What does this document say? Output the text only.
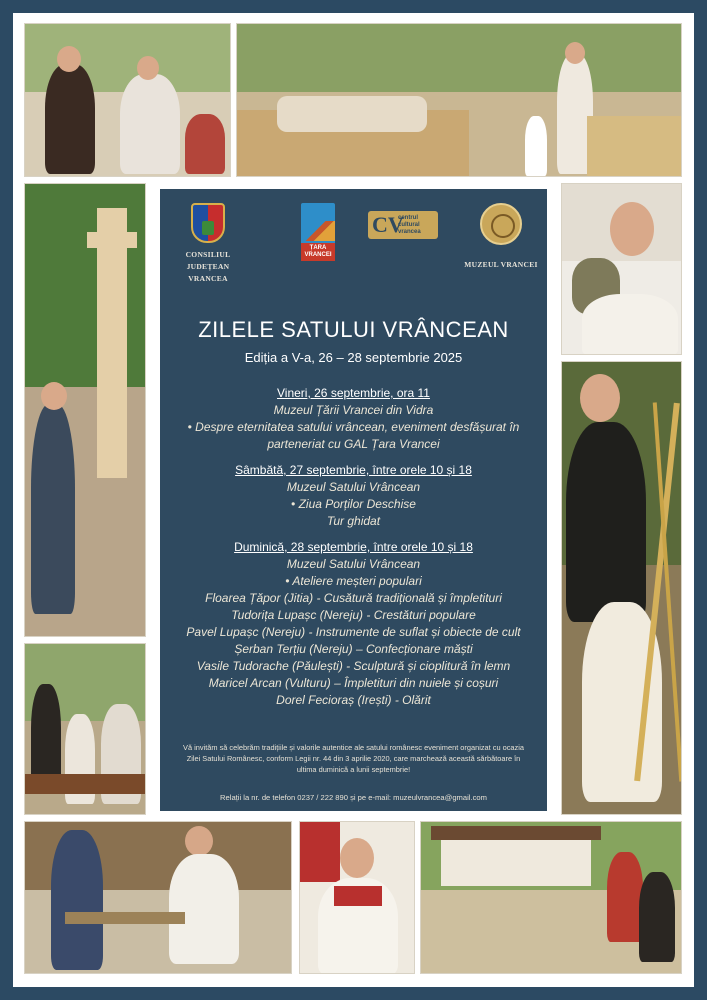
CONSILIUL JUDEȚEAN
VRANCEA
ȚARA
VRANCEI
CV
centrul
cultural
vrancea
MUZEUL VRANCEI
ZILELE SATULUI VRÂNCEAN
Ediția a V-a, 26 – 28 septembrie 2025
Vineri, 26 septembrie, ora 11
Muzeul Țării Vrancei din Vidra
• Despre eternitatea satului vrâncean, eveniment desfășurat în
parteneriat cu GAL Țara Vrancei
Sâmbătă, 27 septembrie, între orele 10 și 18
Muzeul Satului Vrâncean
• Ziua Porților Deschise
Tur ghidat
Duminică, 28 septembrie, între orele 10 și 18
Muzeul Satului Vrâncean
• Ateliere meșteri populari
Floarea Țăpor (Jitia) - Cusătură tradițională și împletituri
Tudorița Lupașc (Nereju) - Crestături populare
Pavel Lupașc (Nereju) - Instrumente de suflat și obiecte de cult
Șerban Terțiu (Nereju) – Confecționare măști
Vasile Tudorache (Păulești) - Sculptură și cioplitură în lemn
Maricel Arcan (Vulturu) – Împletituri din nuiele și coșuri
Dorel Fecioraș (Irești) - Olărit
Vă invităm să celebrăm tradițiile și valorile autentice ale satului românesc eveniment organizat cu ocazia Zilei Satului Românesc, conform Legii nr. 44 din 3 aprilie 2020, care marchează această sărbătoare în ultima duminică a lunii septembrie!
Relații la nr. de telefon 0237 / 222 890 și pe e-mail: muzeulvrancea@gmail.com
